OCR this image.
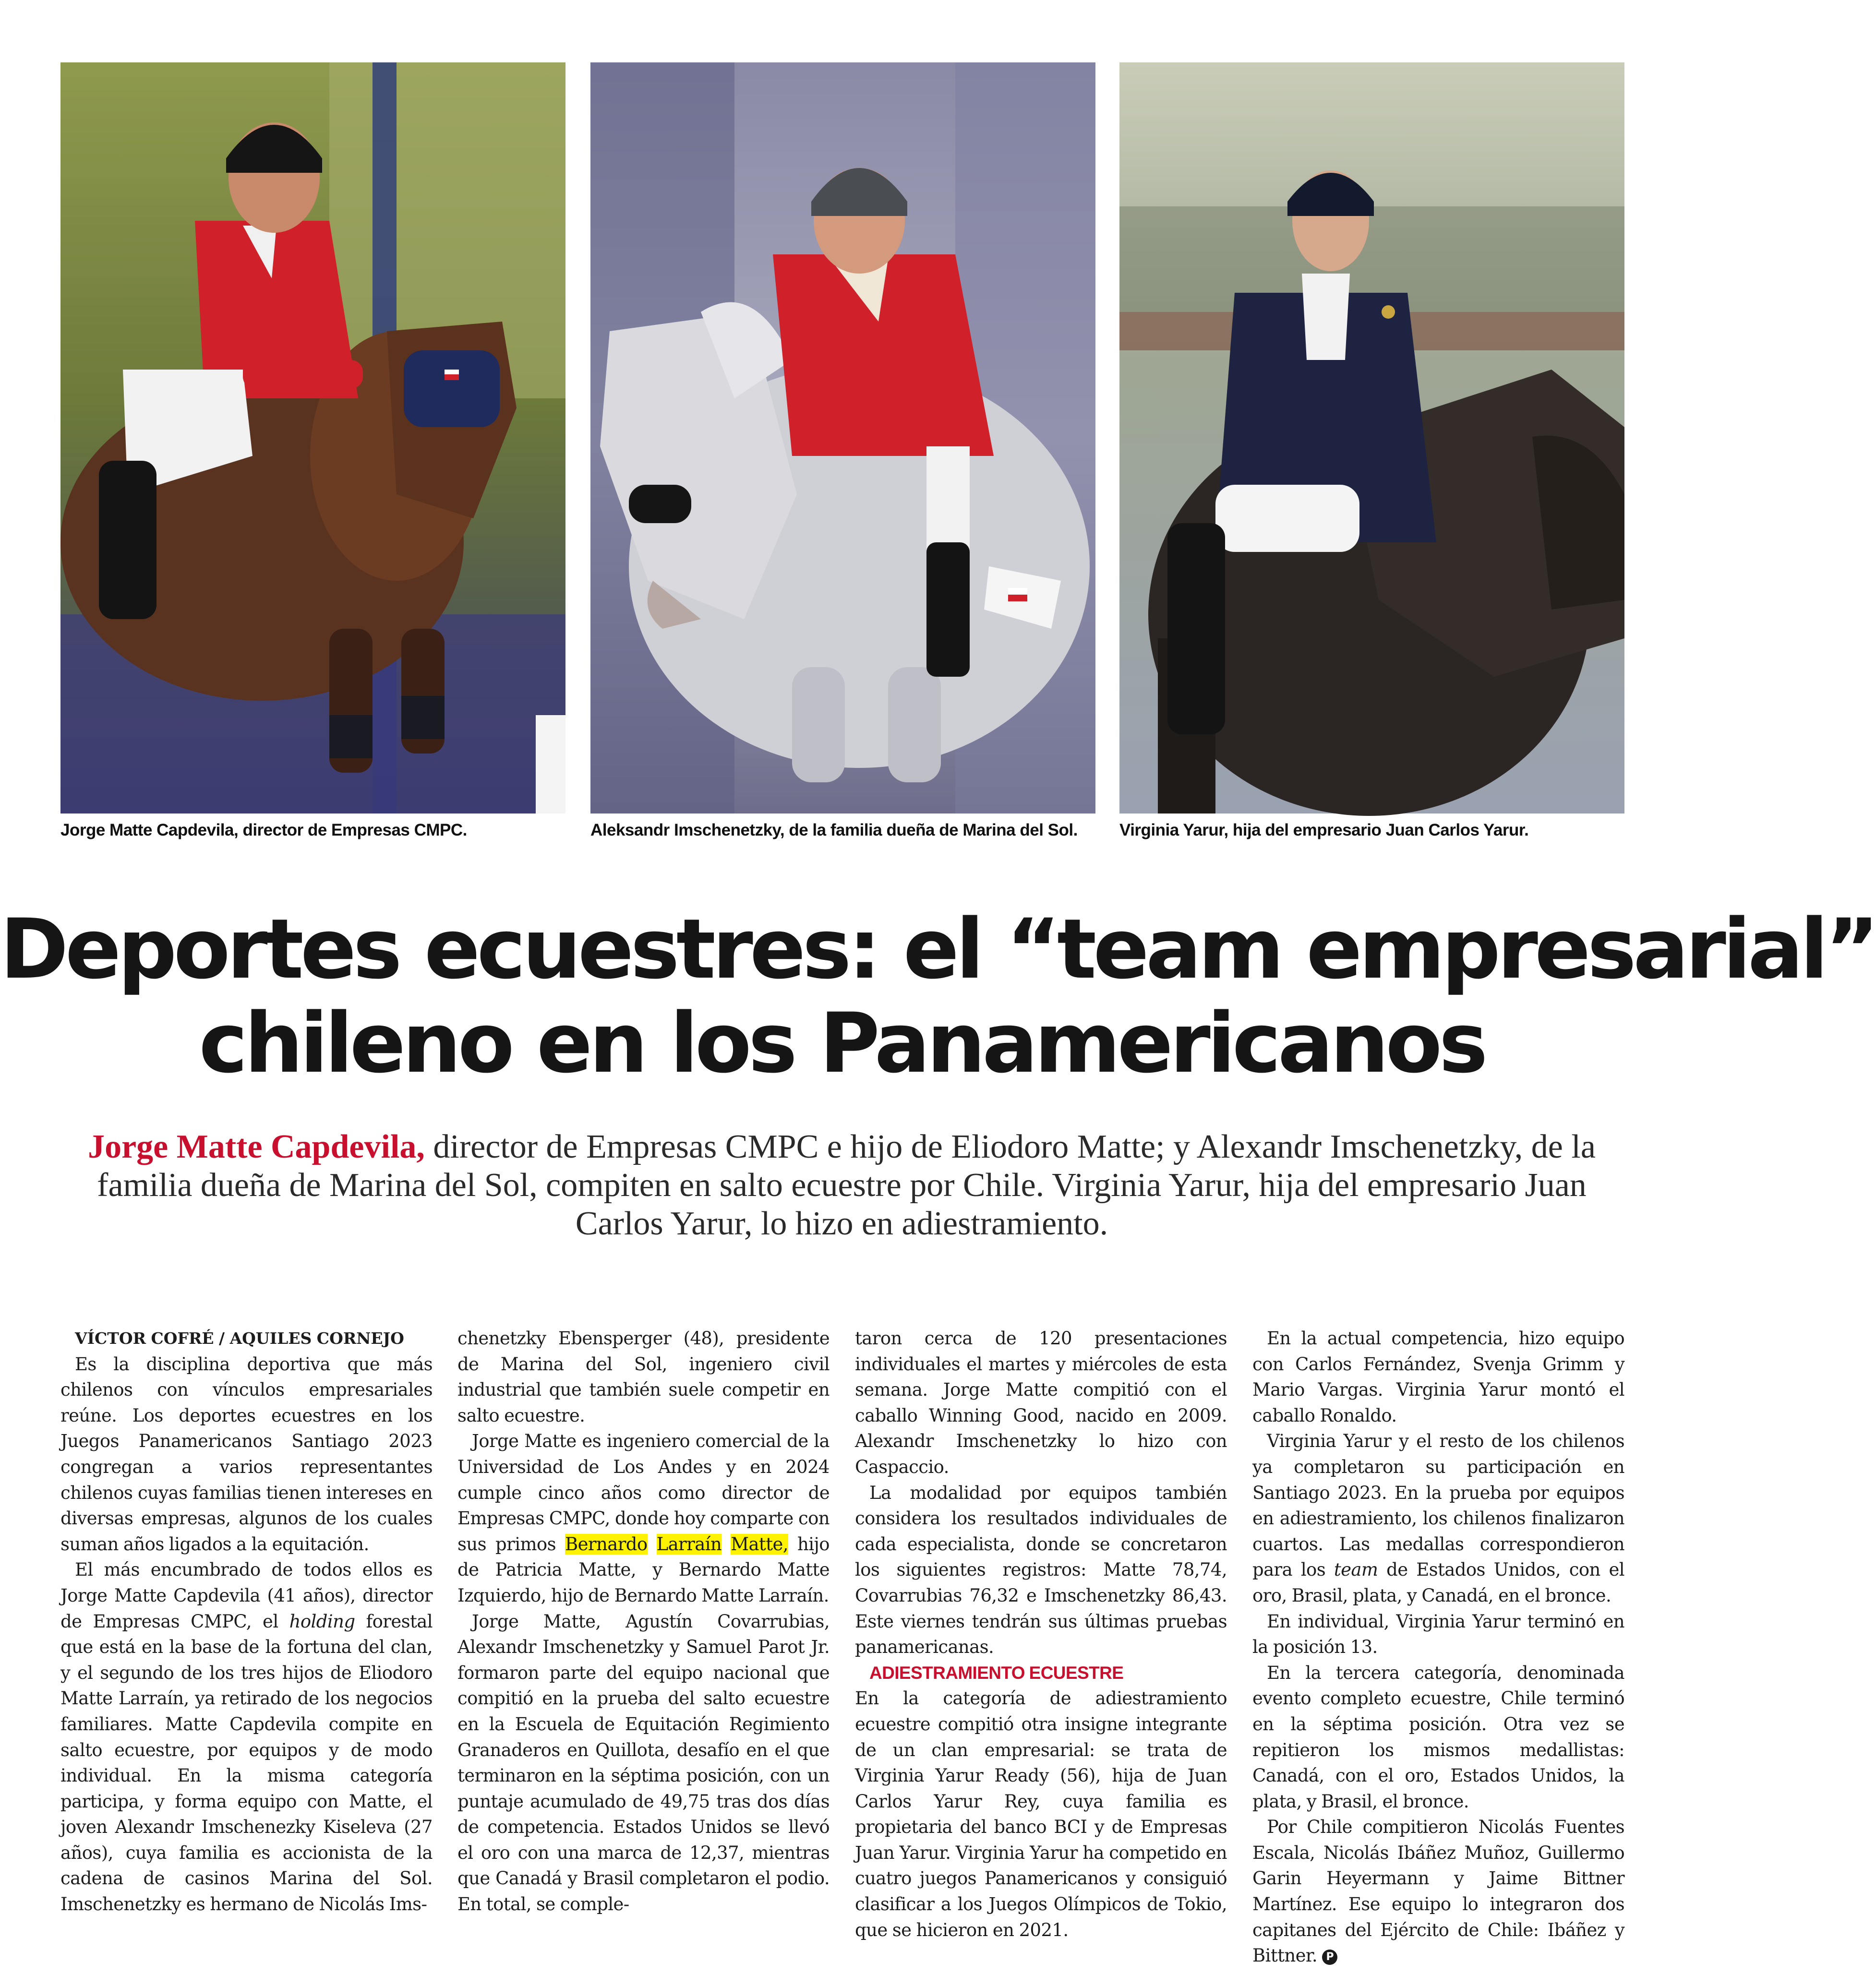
Jorge Matte Capdevila, director de Empresas CMPC.	Aleksandr Imschenetzky, de la familia dueña de Marina del Sol. Virginia Yarur, hija del empresario Juan Carlos Yarur.
Deportes ecuestres: el “team empresarial”
chileno en los Panamericanos
Jorge Matte Capdevila, director de Empresas CMPC e hijo de Eliodoro Matte; y Alexandr Imschenetzky, de la familia dueña de Marina del Sol, compiten en salto ecuestre por Chile. Virginia Yarur, hija del empresario Juan Carlos Yarur, lo hizo en adiestramiento.

VÍCTOR COFRÉ / AQUILES CORNEJO

Es la disciplina deportiva que más chilenos con vínculos empresariales reúne. Los deportes ecuestres en los Juegos Panamericanos Santiago 2023 congregan a varios representantes chilenos cuyas familias tienen intereses en diversas empresas, algunos de los cuales suman años ligados a la equitación.

El más encumbrado de todos ellos es Jorge Matte Capdevila (41 años), director de Empresas CMPC, el holding forestal que está en la base de la fortuna del clan, y el segundo de los tres hijos de Eliodoro Matte Larraín, ya retirado de los negocios familiares. Matte Capdevila compite en salto ecuestre, por equipos y de modo individual. En la misma categoría participa, y forma equipo con Matte, el joven Alexandr Imschenezky Kiseleva (27 años), cuya familia es accionista de la cadena de casinos Marina del Sol. Imschenetzky es hermano de Nicolás Ims-

chenetzky Ebensperger (48), presidente de Marina del Sol, ingeniero civil industrial que también suele competir en salto ecuestre.

Jorge Matte es ingeniero comercial de la Universidad de Los Andes y en 2024 cumple cinco años como director de Empresas CMPC, donde hoy comparte con sus primos Bernardo Larraín Matte, hijo de Patricia Matte, y Bernardo Matte Izquierdo, hijo de Bernardo Matte Larraín.

Jorge Matte, Agustín Covarrubias, Alexandr Imschenetzky y Samuel Parot Jr. formaron parte del equipo nacional que compitió en la prueba del salto ecuestre en la Escuela de Equitación Regimiento Granaderos en Quillota, desafío en el que terminaron en la séptima posición, con un puntaje acumulado de 49,75 tras dos días de competencia. Estados Unidos se llevó el oro con una marca de 12,37, mientras que Canadá y Brasil completaron el podio. En total, se comple-

taron cerca de 120 presentaciones individuales el martes y miércoles de esta semana. Jorge Matte compitió con el caballo Winning Good, nacido en 2009. Alexandr Imschenetzky lo hizo con Caspaccio.

La modalidad por equipos también considera los resultados individuales de cada especialista, donde se concretaron los siguientes registros: Matte 78,74, Covarrubias 76,32 e Imschenetzky 86,43. Este viernes tendrán sus últimas pruebas panamericanas.

ADIESTRAMIENTO ECUESTRE

En la categoría de adiestramiento ecuestre compitió otra insigne integrante de un clan empresarial: se trata de Virginia Yarur Ready (56), hija de Juan Carlos Yarur Rey, cuya familia es propietaria del banco BCI y de Empresas Juan Yarur. Virginia Yarur ha competido en cuatro juegos Panamericanos y consiguió clasificar a los Juegos Olímpicos de Tokio, que se hicieron en 2021.

En la actual competencia, hizo equipo con Carlos Fernández, Svenja Grimm y Mario Vargas. Virginia Yarur montó el caballo Ronaldo.

Virginia Yarur y el resto de los chilenos ya completaron su participación en Santiago 2023. En la prueba por equipos en adiestramiento, los chilenos finalizaron cuartos. Las medallas correspondieron para los team de Estados Unidos, con el oro, Brasil, plata, y Canadá, en el bronce.

En individual, Virginia Yarur terminó en la posición 13.

En la tercera categoría, denominada evento completo ecuestre, Chile terminó en la séptima posición. Otra vez se repitieron los mismos medallistas: Canadá, con el oro, Estados Unidos, la plata, y Brasil, el bronce.

Por Chile compitieron Nicolás Fuentes Escala, Nicolás Ibáñez Muñoz, Guillermo Garin Heyermann y Jaime Bittner Martínez. Ese equipo lo integraron dos capitanes del Ejército de Chile: Ibáñez y Bittner. P
